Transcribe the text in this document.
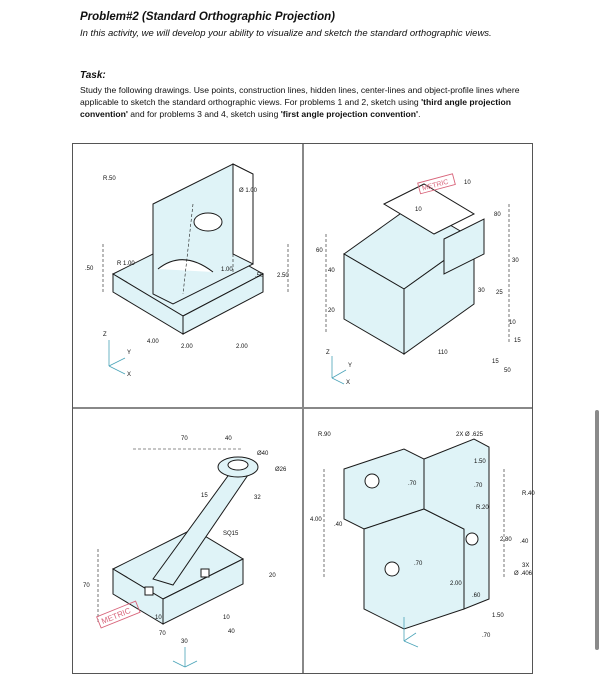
Problem#2 (Standard Orthographic Projection)
In this activity, we will develop your ability to visualize and sketch the standard orthographic views.
Task:
Study the following drawings. Use points, construction lines, hidden lines, center-lines and object-profile lines where applicable to sketch the standard orthographic views. For problems 1 and 2, sketch using 'third angle projection convention' and for problems 3 and 4, sketch using 'first angle projection convention'.
R.50
Ø 1.00
R 1.00
.50	1.00
.50 2.50
4.00
2.00	2.00
Z
Y
X
METRIC
10
10
80
60
40
30
30 25
20
10
15
110
15
50
Z
Y
X
METRIC
70	40
Ø40
Ø26
15	32
SQ15
20
10
70
10
40
70
30
R.90	2X Ø .625
1.50
.70
R.40
.70
R.20
4.00
.40
2.80 .40
.70
2.00
3X
Ø .406
.60
1.50
.70
